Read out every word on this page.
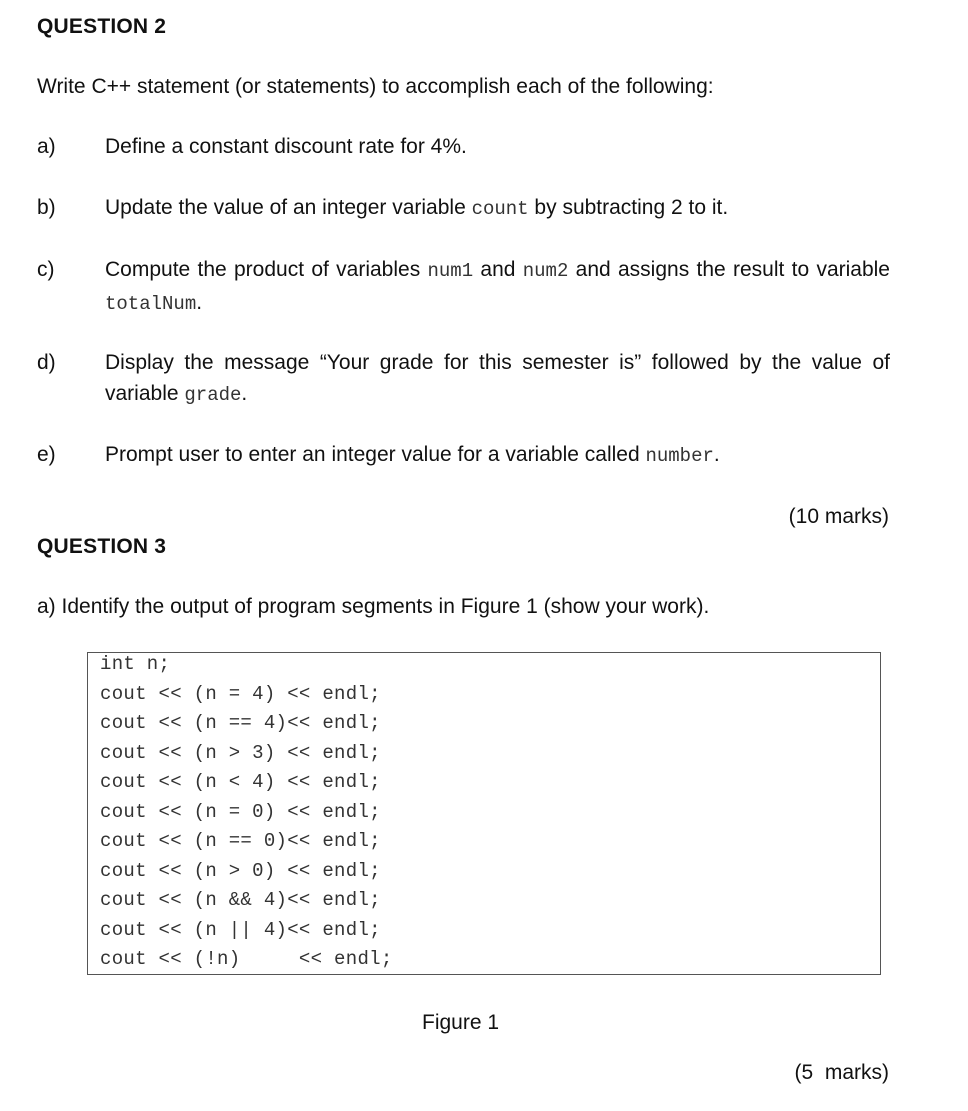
QUESTION 2
Write C++ statement (or statements) to accomplish each of the following:
a) Define a constant discount rate for 4%.
b) Update the value of an integer variable count by subtracting 2 to it.
c) Compute the product of variables num1 and num2 and assigns the result to variable totalNum.
d) Display the message “Your grade for this semester is” followed by the value of variable grade.
e) Prompt user to enter an integer value for a variable called number.
(10 marks)
QUESTION 3
a) Identify the output of program segments in Figure 1 (show your work).
int n;
cout << (n = 4) << endl;
cout << (n == 4)<< endl;
cout << (n > 3) << endl;
cout << (n < 4) << endl;
cout << (n = 0) << endl;
cout << (n == 0)<< endl;
cout << (n > 0) << endl;
cout << (n && 4)<< endl;
cout << (n || 4)<< endl;
cout << (!n)     << endl;
Figure 1
(5  marks)
